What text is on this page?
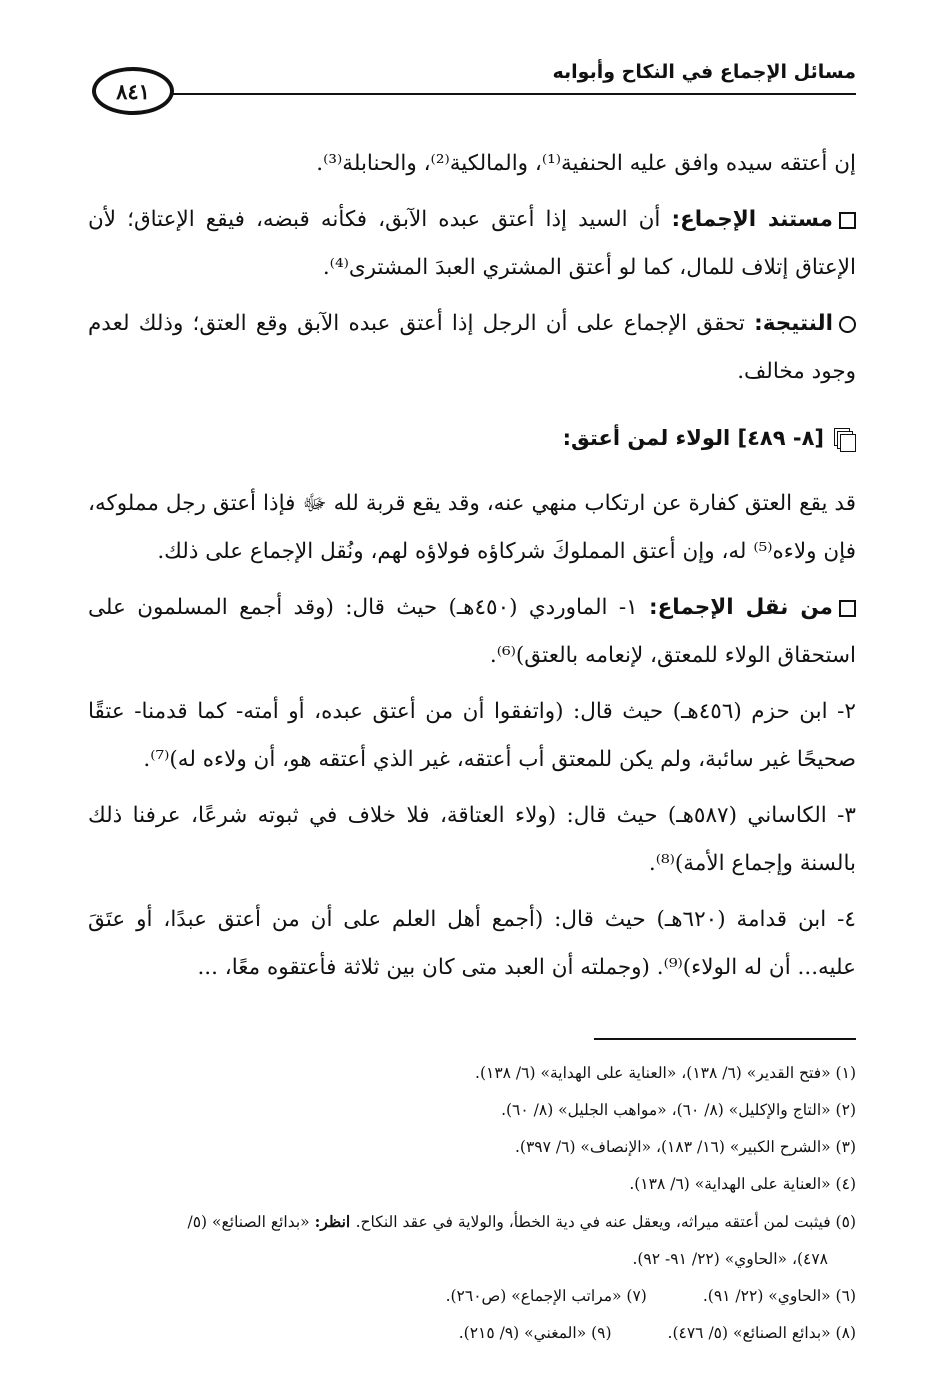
مسائل الإجماع في النكاح وأبوابه
٨٤١

إن أعتقه سيده وافق عليه الحنفية⁽¹⁾، والمالكية⁽²⁾، والحنابلة⁽³⁾.

مستند الإجماع: أن السيد إذا أعتق عبده الآبق، فكأنه قبضه، فيقع الإعتاق؛ لأن الإعتاق إتلاف للمال، كما لو أعتق المشتري العبدَ المشترى⁽⁴⁾.

النتيجة: تحقق الإجماع على أن الرجل إذا أعتق عبده الآبق وقع العتق؛ وذلك لعدم وجود مخالف.

[٨- ٤٨٩] الولاء لمن أعتق:

قد يقع العتق كفارة عن ارتكاب منهي عنه، وقد يقع قربة لله ﷻ فإذا أعتق رجل مملوكه، فإن ولاءه⁽⁵⁾ له، وإن أعتق المملوكَ شركاؤه فولاؤه لهم، ونُقل الإجماع على ذلك.

من نقل الإجماع: ١- الماوردي (٤٥٠هـ) حيث قال: (وقد أجمع المسلمون على استحقاق الولاء للمعتق، لإنعامه بالعتق)⁽⁶⁾.

٢- ابن حزم (٤٥٦هـ) حيث قال: (واتفقوا أن من أعتق عبده، أو أمته- كما قدمنا- عتقًا صحيحًا غير سائبة، ولم يكن للمعتق أب أعتقه، غير الذي أعتقه هو، أن ولاءه له)⁽⁷⁾.

٣- الكاساني (٥٨٧هـ) حيث قال: (ولاء العتاقة، فلا خلاف في ثبوته شرعًا، عرفنا ذلك بالسنة وإجماع الأمة)⁽⁸⁾.

٤- ابن قدامة (٦٢٠هـ) حيث قال: (أجمع أهل العلم على أن من أعتق عبدًا، أو عتَقَ عليه... أن له الولاء)⁽⁹⁾. (وجملته أن العبد متى كان بين ثلاثة فأعتقوه معًا، ...

(١) «فتح القدير» (٦/ ١٣٨)، «العناية على الهداية» (٦/ ١٣٨).

(٢) «التاج والإكليل» (٨/ ٦٠)، «مواهب الجليل» (٨/ ٦٠).

(٣) «الشرح الكبير» (١٦/ ١٨٣)، «الإنصاف» (٦/ ٣٩٧).

(٤) «العناية على الهداية» (٦/ ١٣٨).

(٥) فيثبت لمن أعتقه ميراثه، ويعقل عنه في دية الخطأ، والولاية في عقد النكاح. انظر: «بدائع الصنائع» (٥/

٤٧٨)، «الحاوي» (٢٢/ ٩١- ٩٢).

(٦) «الحاوي» (٢٢/ ٩١).
(٧) «مراتب الإجماع» (ص٢٦٠).
(٨) «بدائع الصنائع» (٥/ ٤٧٦).
(٩) «المغني» (٩/ ٢١٥).
